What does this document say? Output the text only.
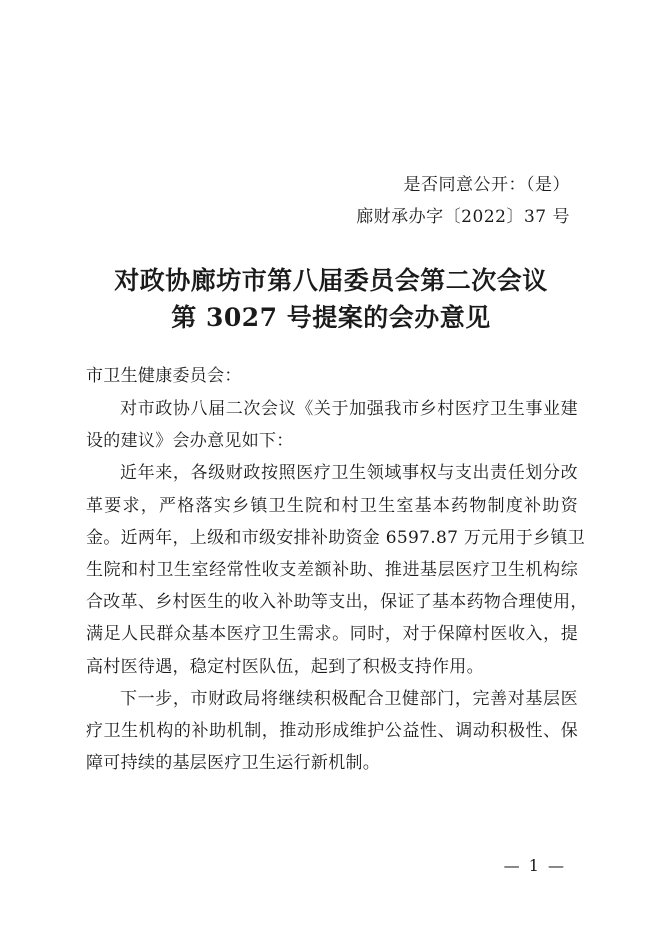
是否同意公开：（是）
廊财承办字〔2022〕37 号
对政协廊坊市第八届委员会第二次会议
第 3027 号提案的会办意见
市卫生健康委员会：
对市政协八届二次会议《关于加强我市乡村医疗卫生事业建
设的建议》会办意见如下：
近年来，各级财政按照医疗卫生领域事权与支出责任划分改
革要求，严格落实乡镇卫生院和村卫生室基本药物制度补助资
金。近两年，上级和市级安排补助资金 6597.87 万元用于乡镇卫
生院和村卫生室经常性收支差额补助、推进基层医疗卫生机构综
合改革、乡村医生的收入补助等支出，保证了基本药物合理使用，
满足人民群众基本医疗卫生需求。同时，对于保障村医收入，提
高村医待遇，稳定村医队伍，起到了积极支持作用。
下一步，市财政局将继续积极配合卫健部门，完善对基层医
疗卫生机构的补助机制，推动形成维护公益性、调动积极性、保
障可持续的基层医疗卫生运行新机制。
— 1 —
